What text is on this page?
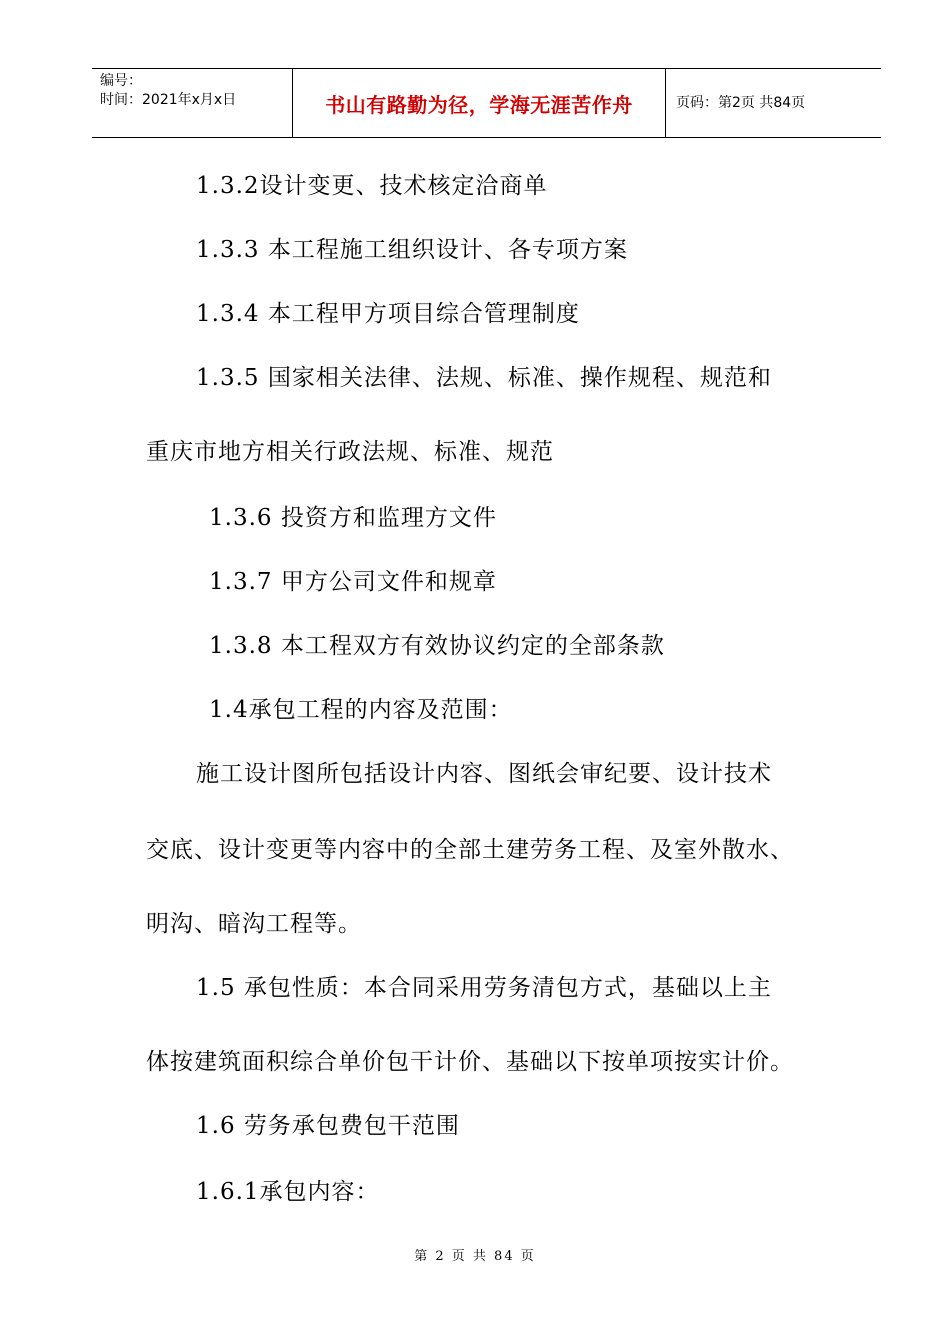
编号：
时间：2021年x月x日	书山有路勤为径，学海无涯苦作舟	页码：第2页 共84页
1.3.2设计变更、技术核定洽商单
1.3.3 本工程施工组织设计、各专项方案
1.3.4 本工程甲方项目综合管理制度
1.3.5 国家相关法律、法规、标准、操作规程、规范和
重庆市地方相关行政法规、标准、规范
1.3.6 投资方和监理方文件
1.3.7 甲方公司文件和规章
1.3.8 本工程双方有效协议约定的全部条款
1.4承包工程的内容及范围：
施工设计图所包括设计内容、图纸会审纪要、设计技术
交底、设计变更等内容中的全部土建劳务工程、及室外散水、
明沟、暗沟工程等。
1.5 承包性质：本合同采用劳务清包方式，基础以上主
体按建筑面积综合单价包干计价、基础以下按单项按实计价。
1.6 劳务承包费包干范围
1.6.1承包内容：
第 2 页 共 84 页
